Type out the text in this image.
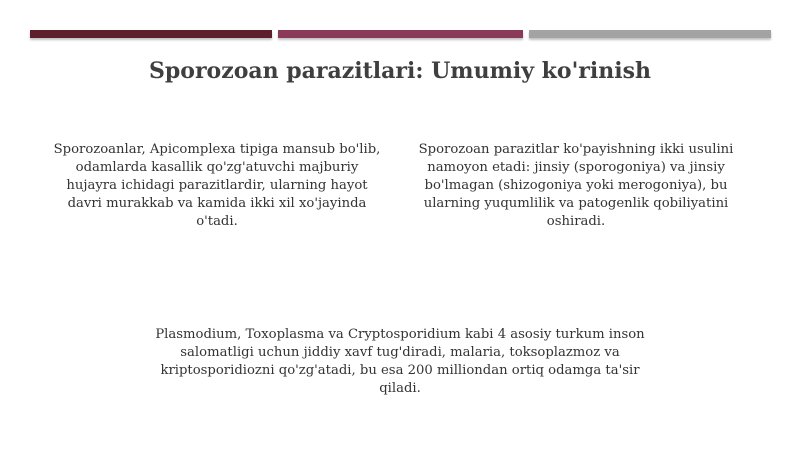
Sporozoan parazitlari: Umumiy ko'rinish
Sporozoanlar, Apicomplexa tipiga mansub bo'lib, odamlarda kasallik qo'zg'atuvchi majburiy hujayra ichidagi parazitlardir, ularning hayot davri murakkab va kamida ikki xil xo'jayinda o'tadi.
Sporozoan parazitlar ko'payishning ikki usulini namoyon etadi: jinsiy (sporogoniya) va jinsiy bo'lmagan (shizogoniya yoki merogoniya), bu ularning yuqumlilik va patogenlik qobiliyatini oshiradi.
Plasmodium, Toxoplasma va Cryptosporidium kabi 4 asosiy turkum inson salomatligi uchun jiddiy xavf tug'diradi, malaria, toksoplazmoz va kriptosporidiozni qo'zg'atadi, bu esa 200 milliondan ortiq odamga ta'sir qiladi.
